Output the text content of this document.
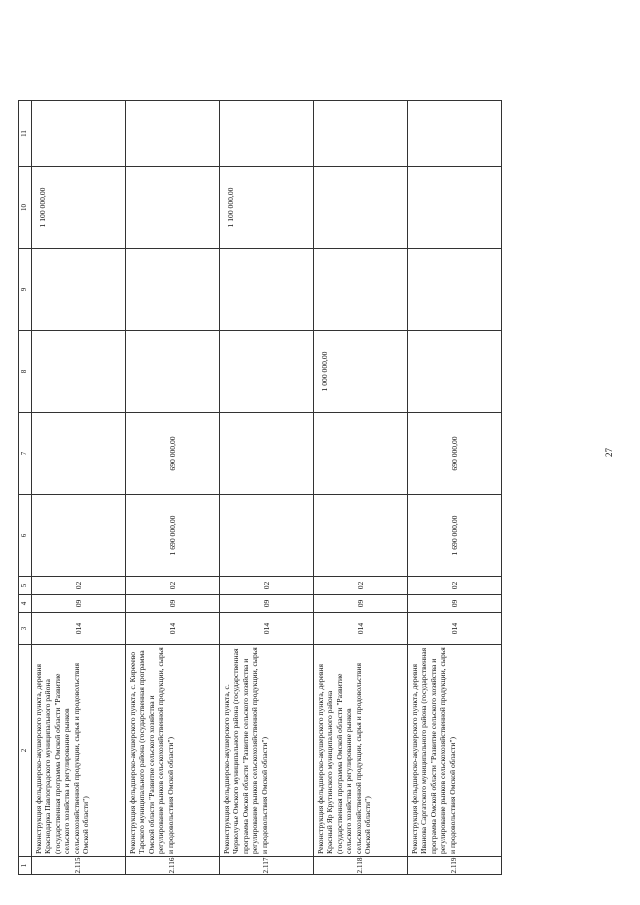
1	2	3	4	5	6	7	8	9	10	11
2.115	Реконструкция фельдшерско-акушерского пункта, деревня Краснодарка Павлоградского муниципального района (государственная программа Омской области "Развитие сельского хозяйства и регулирование рынков сельскохозяйственной продукции, сырья и продовольствия Омской области")	014	09	02					1 100 000,00	
2.116	Реконструкция фельдшерско-акушерского пункта, с. Кирееево Тарского муниципального района (государственная программа Омской области "Развитие сельского хозяйства и регулирование рынков сельскохозяйственной продукции, сырья и продовольствия Омской области")	014	09	02	1 690 000,00	690 000,00				
2.117	Реконструкция фельдшерско-акушерского пункта, с. Чернолучье Омского муниципального района (государственная программа Омской области "Развитие сельского хозяйства и регулирование рынков сельскохозяйственной продукции, сырья и продовольствия Омской области")	014	09	02					1 100 000,00	
2.118	Реконструкция фельдшерско-акушерского пункта, деревня Красный Яр Крутинского муниципального района (государственная программа Омской области "Развитие сельского хозяйства и регулирование рынков сельскохозяйственной продукции, сырья и продовольствия Омской области")	014	09	02			1 000 000,00			
2.119	Реконструкция фельдшерско-акушерского пункта, деревня Иванова Саргатского муниципального района (государственная программа Омской области "Развитие сельского хозяйства и регулирование рынков сельскохозяйственной продукции, сырья и продовольствия Омской области")	014	09	02	1 690 000,00	690 000,00					27
